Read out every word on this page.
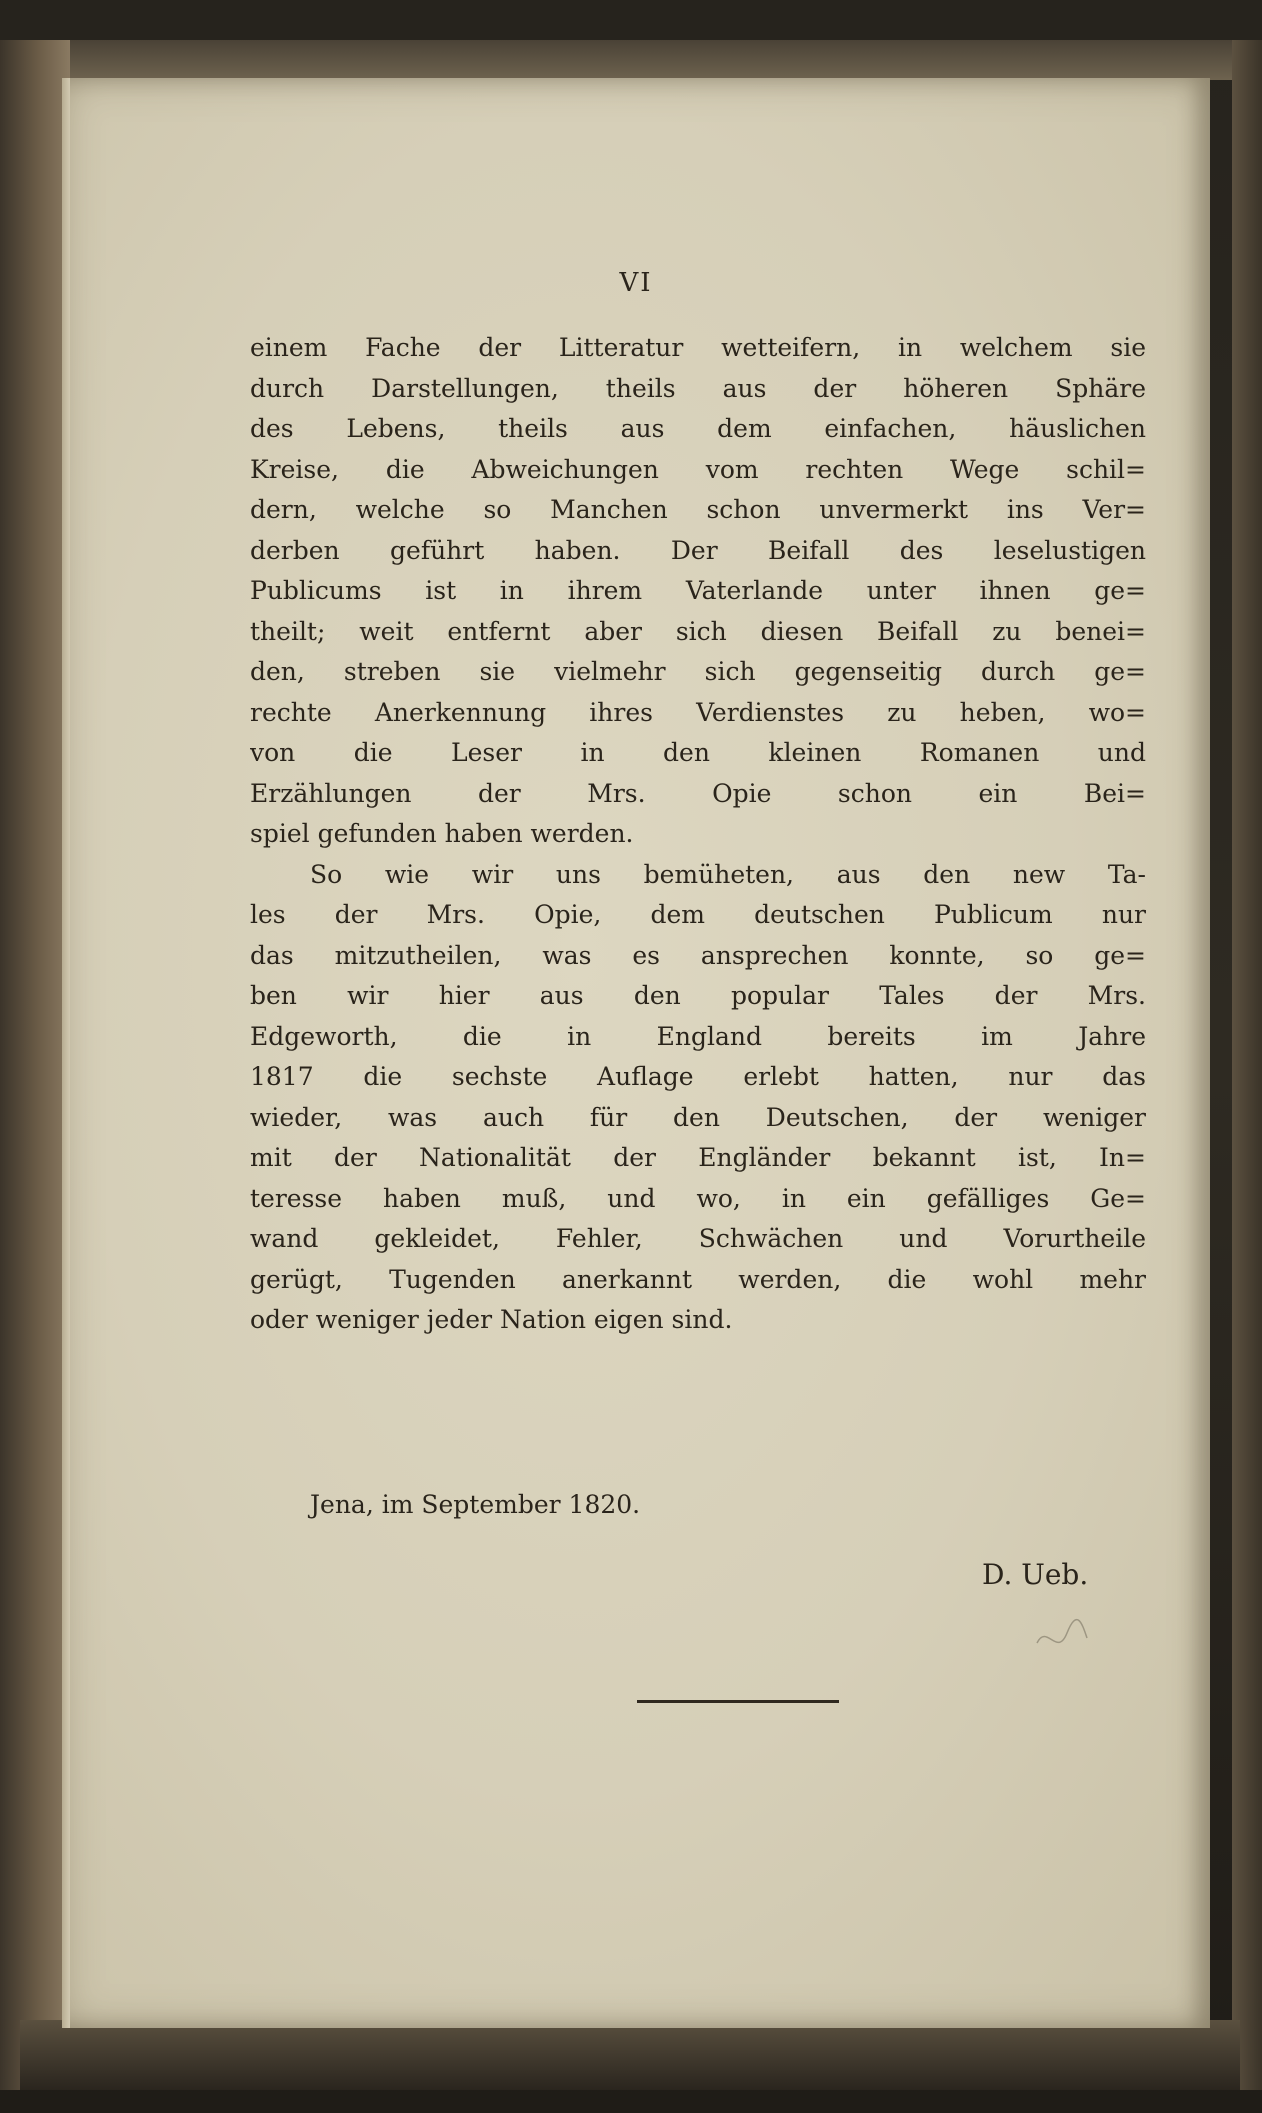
VI
einem Fache der Litteratur wetteifern, in welchem sie
durch Darstellungen, theils aus der höheren Sphäre
des Lebens, theils aus dem einfachen, häuslichen
Kreise, die Abweichungen vom rechten Wege schil=
dern, welche so Manchen schon unvermerkt ins Ver=
derben geführt haben. Der Beifall des leselustigen
Publicums ist in ihrem Vaterlande unter ihnen ge=
theilt; weit entfernt aber sich diesen Beifall zu benei=
den, streben sie vielmehr sich gegenseitig durch ge=
rechte Anerkennung ihres Verdienstes zu heben, wo=
von die Leser in den kleinen Romanen und
Erzählungen der Mrs. Opie schon ein Bei=
spiel gefunden haben werden.
So wie wir uns bemüheten, aus den new Ta-
les der Mrs. Opie, dem deutschen Publicum nur
das mitzutheilen, was es ansprechen konnte, so ge=
ben wir hier aus den popular Tales der Mrs.
Edgeworth, die in England bereits im Jahre
1817 die sechste Auflage erlebt hatten, nur das
wieder, was auch für den Deutschen, der weniger
mit der Nationalität der Engländer bekannt ist, In=
teresse haben muß, und wo, in ein gefälliges Ge=
wand gekleidet, Fehler, Schwächen und Vorurtheile
gerügt, Tugenden anerkannt werden, die wohl mehr
oder weniger jeder Nation eigen sind.
Jena, im September 1820.
D. Ueb.
